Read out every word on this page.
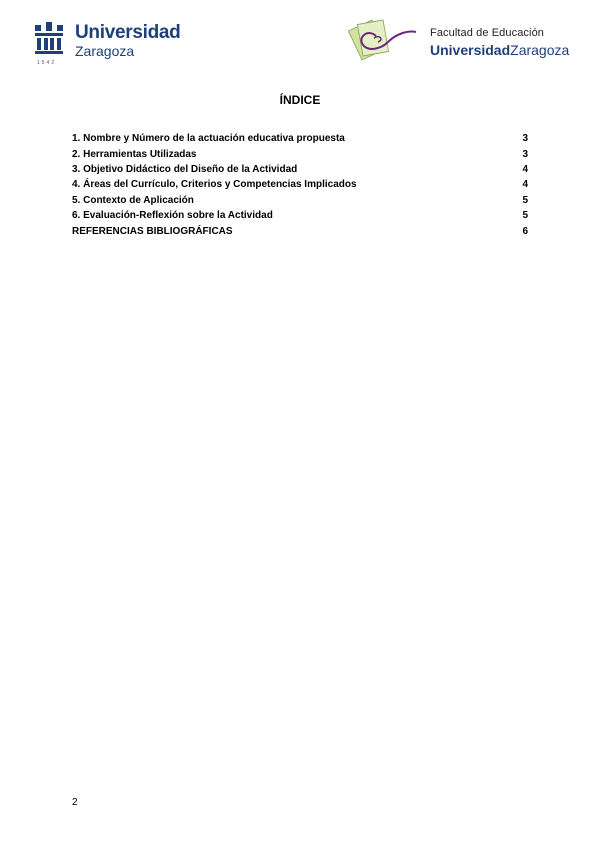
1542
Universidad
Zaragoza
Facultad de Educación
UniversidadZaragoza
ÍNDICE
1. Nombre y Número de la actuación educativa propuesta	3
2. Herramientas Utilizadas	3
3. Objetivo Didáctico del Diseño de la Actividad	4
4. Áreas del Currículo, Criterios y Competencias Implicados	4
5. Contexto de Aplicación	5
6. Evaluación-Reflexión sobre la Actividad	5
REFERENCIAS BIBLIOGRÁFICAS	6
2
